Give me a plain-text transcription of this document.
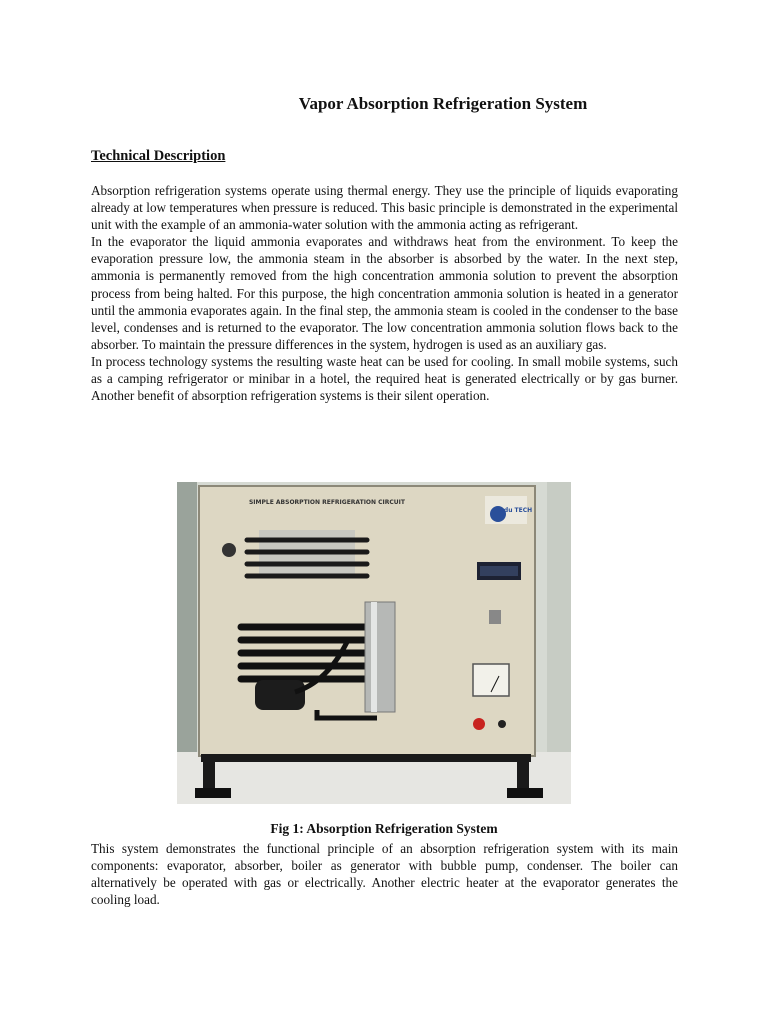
Vapor Absorption Refrigeration System
Technical Description

Absorption refrigeration systems operate using thermal energy. They use the principle of liquids evaporating already at low temperatures when pressure is reduced. This basic principle is demonstrated in the experimental unit with the example of an ammonia-water solution with the ammonia acting as refrigerant.

In the evaporator the liquid ammonia evaporates and withdraws heat from the environment. To keep the evaporation pressure low, the ammonia steam in the absorber is absorbed by the water. In the next step, ammonia is permanently removed from the high concentration ammonia solution to prevent the absorption process from being halted. For this purpose, the high concentration ammonia solution is heated in a generator until the ammonia evaporates again. In the final step, the ammonia steam is cooled in the condenser to the base level, condenses and is returned to the evaporator. The low concentration ammonia solution flows back to the absorber. To maintain the pressure differences in the system, hydrogen is used as an auxiliary gas.

In process technology systems the resulting waste heat can be used for cooling. In small mobile systems, such as a camping refrigerator or minibar in a hotel, the required heat is generated electrically or by gas burner. Another benefit of absorption refrigeration systems is their silent operation.

SIMPLE ABSORPTION REFRIGERATION CIRCUIT
edu TECH
Fig 1: Absorption Refrigeration System

This system demonstrates the functional principle of an absorption refrigeration system with its main components: evaporator, absorber, boiler as generator with bubble pump, condenser. The boiler can alternatively be operated with gas or electrically. Another electric heater at the evaporator generates the cooling load.
